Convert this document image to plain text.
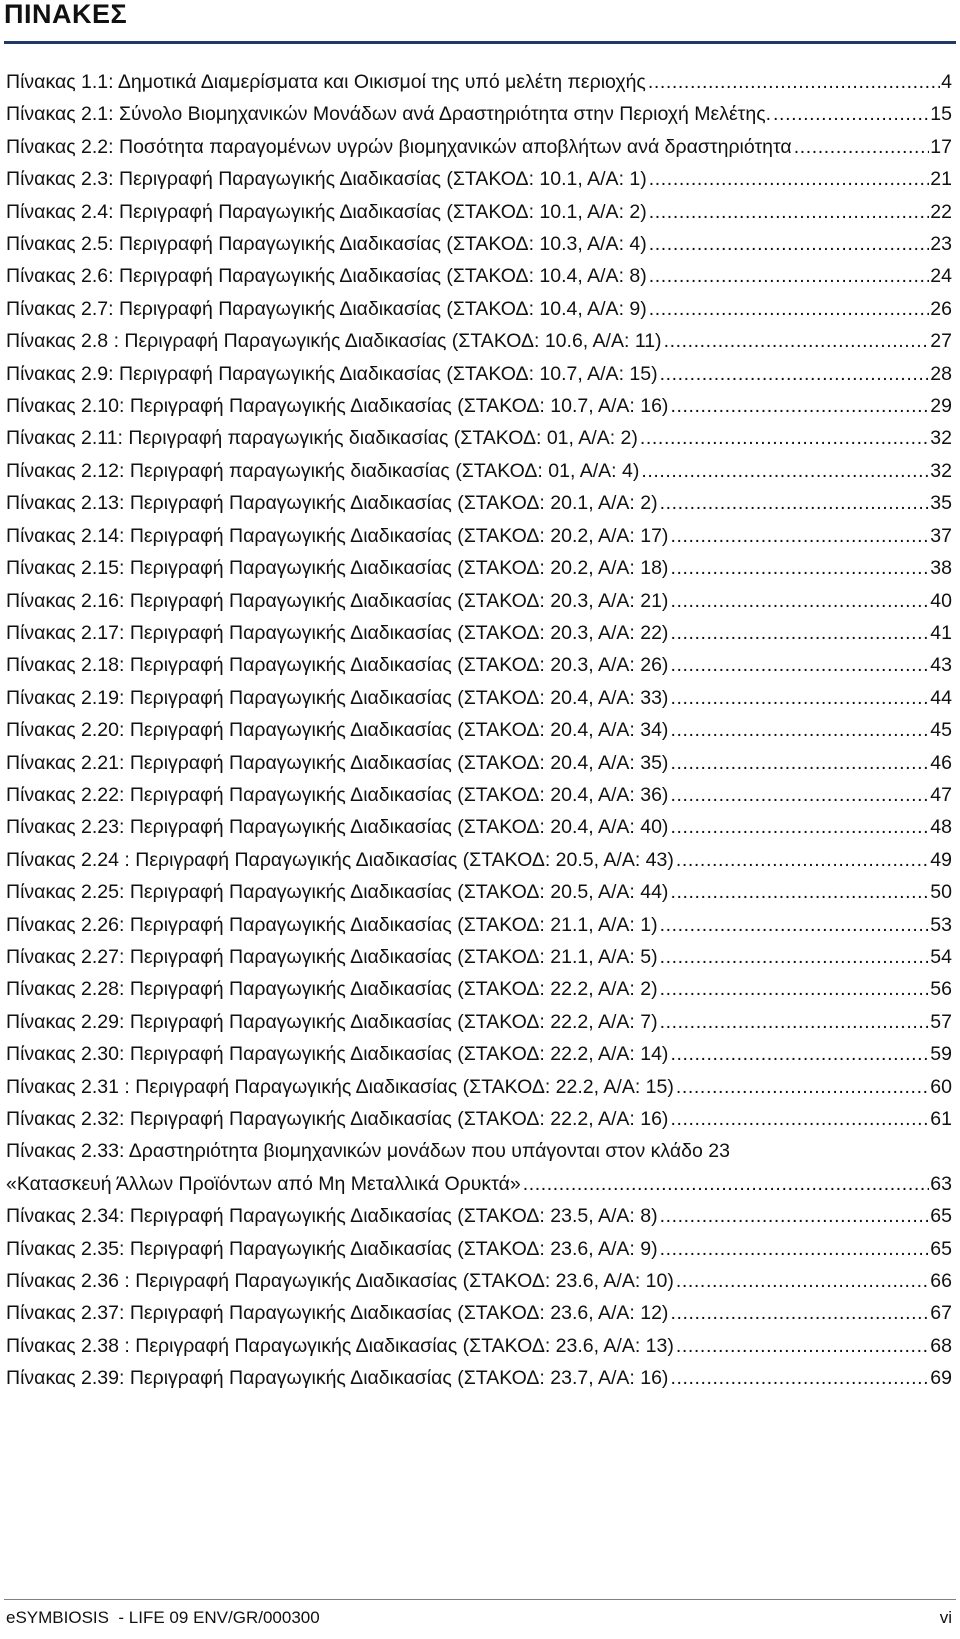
ΠΙΝΑΚΕΣ
Πίνακας 1.1: Δημοτικά Διαμερίσματα και Οικισμοί της υπό μελέτη περιοχής .....	4
Πίνακας 2.1: Σύνολο Βιομηχανικών Μονάδων ανά Δραστηριότητα στην Περιοχή Μελέτης. .....	15
Πίνακας 2.2: Ποσότητα παραγομένων υγρών βιομηχανικών αποβλήτων ανά δραστηριότητα .....	17
Πίνακας 2.3: Περιγραφή Παραγωγικής Διαδικασίας (ΣΤΑΚΟΔ: 10.1, Α/Α: 1) .....	21
Πίνακας 2.4: Περιγραφή Παραγωγικής Διαδικασίας (ΣΤΑΚΟΔ: 10.1, Α/Α: 2) .....	22
Πίνακας 2.5: Περιγραφή Παραγωγικής Διαδικασίας (ΣΤΑΚΟΔ: 10.3, Α/Α: 4) .....	23
Πίνακας 2.6: Περιγραφή Παραγωγικής Διαδικασίας (ΣΤΑΚΟΔ: 10.4, Α/Α: 8) .....	24
Πίνακας 2.7: Περιγραφή Παραγωγικής Διαδικασίας (ΣΤΑΚΟΔ: 10.4, Α/Α: 9) .....	26
Πίνακας 2.8 : Περιγραφή Παραγωγικής Διαδικασίας (ΣΤΑΚΟΔ: 10.6, Α/Α: 11) .....	27
Πίνακας 2.9: Περιγραφή Παραγωγικής Διαδικασίας (ΣΤΑΚΟΔ: 10.7, Α/Α: 15) .....	28
Πίνακας 2.10: Περιγραφή Παραγωγικής Διαδικασίας (ΣΤΑΚΟΔ: 10.7, Α/Α: 16) .....	29
Πίνακας 2.11: Περιγραφή παραγωγικής διαδικασίας (ΣΤΑΚΟΔ: 01, Α/Α: 2) .....	32
Πίνακας 2.12: Περιγραφή παραγωγικής διαδικασίας (ΣΤΑΚΟΔ: 01, Α/Α: 4) .....	32
Πίνακας 2.13: Περιγραφή Παραγωγικής Διαδικασίας (ΣΤΑΚΟΔ: 20.1, Α/Α: 2) .....	35
Πίνακας 2.14: Περιγραφή Παραγωγικής Διαδικασίας (ΣΤΑΚΟΔ: 20.2, Α/Α: 17) .....	37
Πίνακας 2.15: Περιγραφή Παραγωγικής Διαδικασίας (ΣΤΑΚΟΔ: 20.2, Α/Α: 18) .....	38
Πίνακας 2.16: Περιγραφή Παραγωγικής Διαδικασίας (ΣΤΑΚΟΔ: 20.3, Α/Α: 21) .....	40
Πίνακας 2.17: Περιγραφή Παραγωγικής Διαδικασίας (ΣΤΑΚΟΔ: 20.3, Α/Α: 22) .....	41
Πίνακας 2.18: Περιγραφή Παραγωγικής Διαδικασίας (ΣΤΑΚΟΔ: 20.3, Α/Α: 26) .....	43
Πίνακας 2.19: Περιγραφή Παραγωγικής Διαδικασίας (ΣΤΑΚΟΔ: 20.4, Α/Α: 33) .....	44
Πίνακας 2.20: Περιγραφή Παραγωγικής Διαδικασίας (ΣΤΑΚΟΔ: 20.4, Α/Α: 34) .....	45
Πίνακας 2.21: Περιγραφή Παραγωγικής Διαδικασίας (ΣΤΑΚΟΔ: 20.4, Α/Α: 35) .....	46
Πίνακας 2.22: Περιγραφή Παραγωγικής Διαδικασίας (ΣΤΑΚΟΔ: 20.4, Α/Α: 36) .....	47
Πίνακας 2.23: Περιγραφή Παραγωγικής Διαδικασίας (ΣΤΑΚΟΔ: 20.4, Α/Α: 40) .....	48
Πίνακας 2.24 : Περιγραφή Παραγωγικής Διαδικασίας (ΣΤΑΚΟΔ: 20.5, Α/Α: 43) .....	49
Πίνακας 2.25: Περιγραφή Παραγωγικής Διαδικασίας (ΣΤΑΚΟΔ: 20.5, Α/Α: 44) .....	50
Πίνακας 2.26: Περιγραφή Παραγωγικής Διαδικασίας (ΣΤΑΚΟΔ: 21.1, Α/Α: 1) .....	53
Πίνακας 2.27: Περιγραφή Παραγωγικής Διαδικασίας (ΣΤΑΚΟΔ: 21.1, Α/Α: 5) .....	54
Πίνακας 2.28: Περιγραφή Παραγωγικής Διαδικασίας (ΣΤΑΚΟΔ: 22.2, Α/Α: 2) .....	56
Πίνακας 2.29: Περιγραφή Παραγωγικής Διαδικασίας (ΣΤΑΚΟΔ: 22.2, Α/Α: 7) .....	57
Πίνακας 2.30: Περιγραφή Παραγωγικής Διαδικασίας (ΣΤΑΚΟΔ: 22.2, Α/Α: 14) .....	59
Πίνακας 2.31 : Περιγραφή Παραγωγικής Διαδικασίας (ΣΤΑΚΟΔ: 22.2, Α/Α: 15) .....	60
Πίνακας 2.32: Περιγραφή Παραγωγικής Διαδικασίας (ΣΤΑΚΟΔ: 22.2, Α/Α: 16) .....	61
Πίνακας 2.33: Δραστηριότητα βιομηχανικών μονάδων που υπάγονται στον κλάδο 23
«Κατασκευή Άλλων Προϊόντων από Μη Μεταλλικά Ορυκτά» .....	63
Πίνακας 2.34: Περιγραφή Παραγωγικής Διαδικασίας (ΣΤΑΚΟΔ: 23.5, Α/Α: 8) .....	65
Πίνακας 2.35: Περιγραφή Παραγωγικής Διαδικασίας (ΣΤΑΚΟΔ: 23.6, Α/Α: 9) .....	65
Πίνακας 2.36 : Περιγραφή Παραγωγικής Διαδικασίας (ΣΤΑΚΟΔ: 23.6, Α/Α: 10) .....	66
Πίνακας 2.37: Περιγραφή Παραγωγικής Διαδικασίας (ΣΤΑΚΟΔ: 23.6, Α/Α: 12) .....	67
Πίνακας 2.38 : Περιγραφή Παραγωγικής Διαδικασίας (ΣΤΑΚΟΔ: 23.6, Α/Α: 13) .....	68
Πίνακας 2.39: Περιγραφή Παραγωγικής Διαδικασίας (ΣΤΑΚΟΔ: 23.7, Α/Α: 16) .....	69
eSYMBIOSIS  - LIFE 09 ENV/GR/000300	vi
